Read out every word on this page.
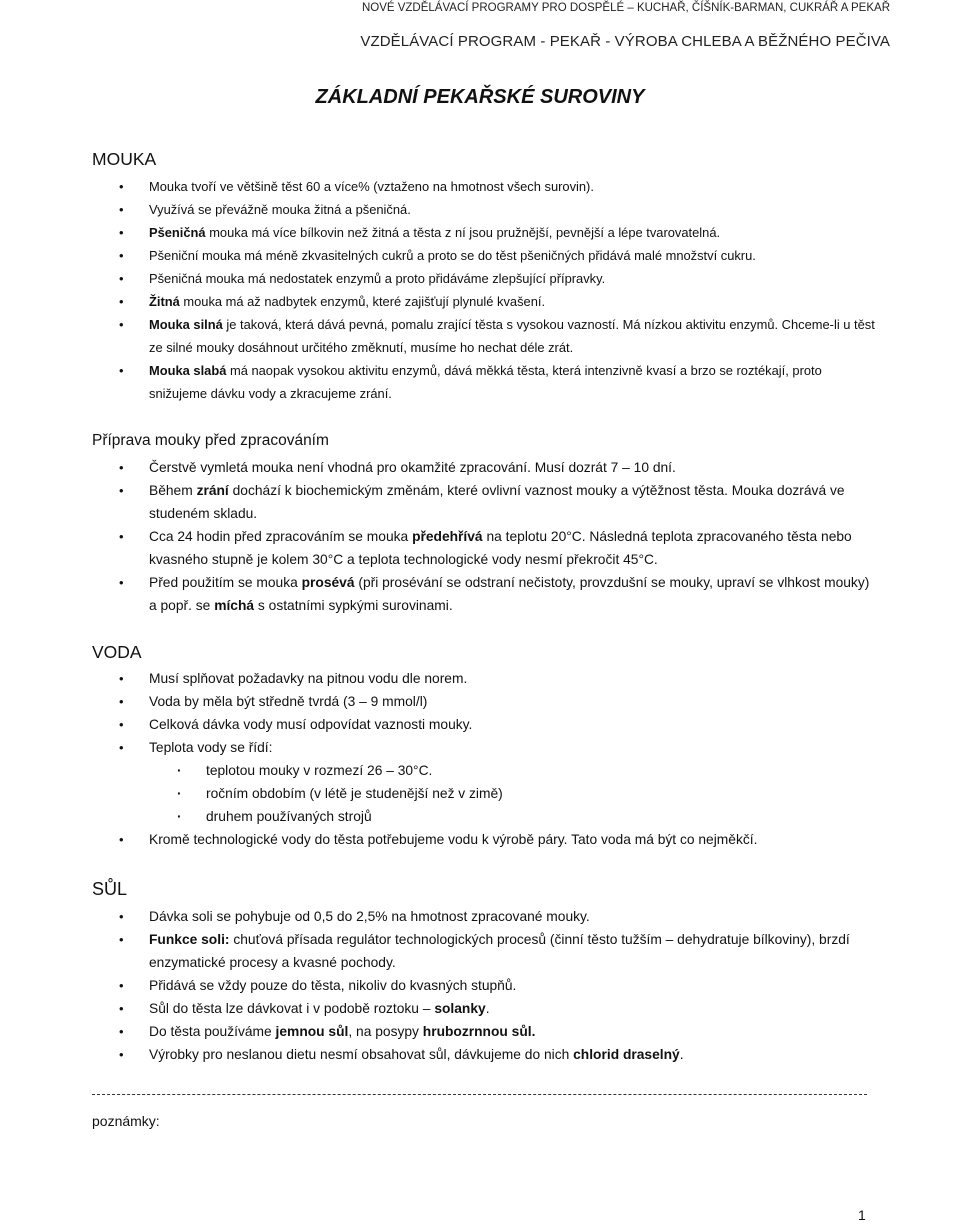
NOVÉ VZDĚLÁVACÍ PROGRAMY PRO DOSPĚLÉ – KUCHAŘ, ČÍŠNÍK-BARMAN, CUKRÁŘ A PEKAŘ
VZDĚLÁVACÍ PROGRAM - PEKAŘ - VÝROBA CHLEBA A BĚŽNÉHO PEČIVA
ZÁKLADNÍ PEKAŘSKÉ SUROVINY
MOUKA
• Mouka tvoří ve většině těst 60 a více% (vztaženo na hmotnost všech surovin).
• Využívá se převážně mouka žitná a pšeničná.
• Pšeničná mouka má více bílkovin než žitná a těsta z ní jsou pružnější, pevnější a lépe tvarovatelná.
• Pšeniční mouka má méně zkvasitelných cukrů a proto se do těst pšeničných přidává malé množství cukru.
• Pšeničná mouka má nedostatek enzymů a proto přidáváme zlepšující přípravky.
• Žitná mouka má až nadbytek enzymů, které zajišťují plynulé kvašení.
• Mouka silná je taková, která dává pevná, pomalu zrající těsta s vysokou vazností. Má nízkou aktivitu enzymů. Chceme-li u těst ze silné mouky dosáhnout určitého změknutí, musíme ho nechat déle zrát.
• Mouka slabá má naopak vysokou aktivitu enzymů, dává měkká těsta, která intenzivně kvasí a brzo se roztékají, proto snižujeme dávku vody a zkracujeme zrání.
Příprava mouky před zpracováním
• Čerstvě vymletá mouka není vhodná pro okamžité zpracování. Musí dozrát 7 – 10 dní.
• Během zrání dochází k biochemickým změnám, které ovlivní vaznost mouky a výtěžnost těsta. Mouka dozrává ve studeném skladu.
• Cca 24 hodin před zpracováním se mouka předehřívá na teplotu 20°C. Následná teplota zpracovaného těsta nebo kvasného stupně je kolem 30°C a teplota technologické vody nesmí překročit 45°C.
• Před použitím se mouka prosévá (při prosévání se odstraní nečistoty, provzdušní se mouky, upraví se vlhkost mouky) a popř. se míchá s ostatními sypkými surovinami.
VODA
• Musí splňovat požadavky na pitnou vodu dle norem.
• Voda by měla být středně tvrdá (3 – 9 mmol/l)
• Celková dávka vody musí odpovídat vaznosti mouky.
• Teplota vody se řídí:
· teplotou mouky v rozmezí 26 – 30°C.
· ročním obdobím (v létě je studenější než v zimě)
· druhem používaných strojů
• Kromě technologické vody do těsta potřebujeme vodu k výrobě páry. Tato voda má být co nejměkčí.
SŮL
• Dávka soli se pohybuje od 0,5 do 2,5% na hmotnost zpracované mouky.
• Funkce soli: chuťová přísada regulátor technologických procesů (činní těsto tužším – dehydratuje bílkoviny), brzdí enzymatické procesy a kvasné pochody.
• Přidává se vždy pouze do těsta, nikoliv do kvasných stupňů.
• Sůl do těsta lze dávkovat i v podobě roztoku – solanky.
• Do těsta používáme jemnou sůl, na posypy hrubozrnnou sůl.
• Výrobky pro neslanou dietu nesmí obsahovat sůl, dávkujeme do nich chlorid draselný.
poznámky:
1
